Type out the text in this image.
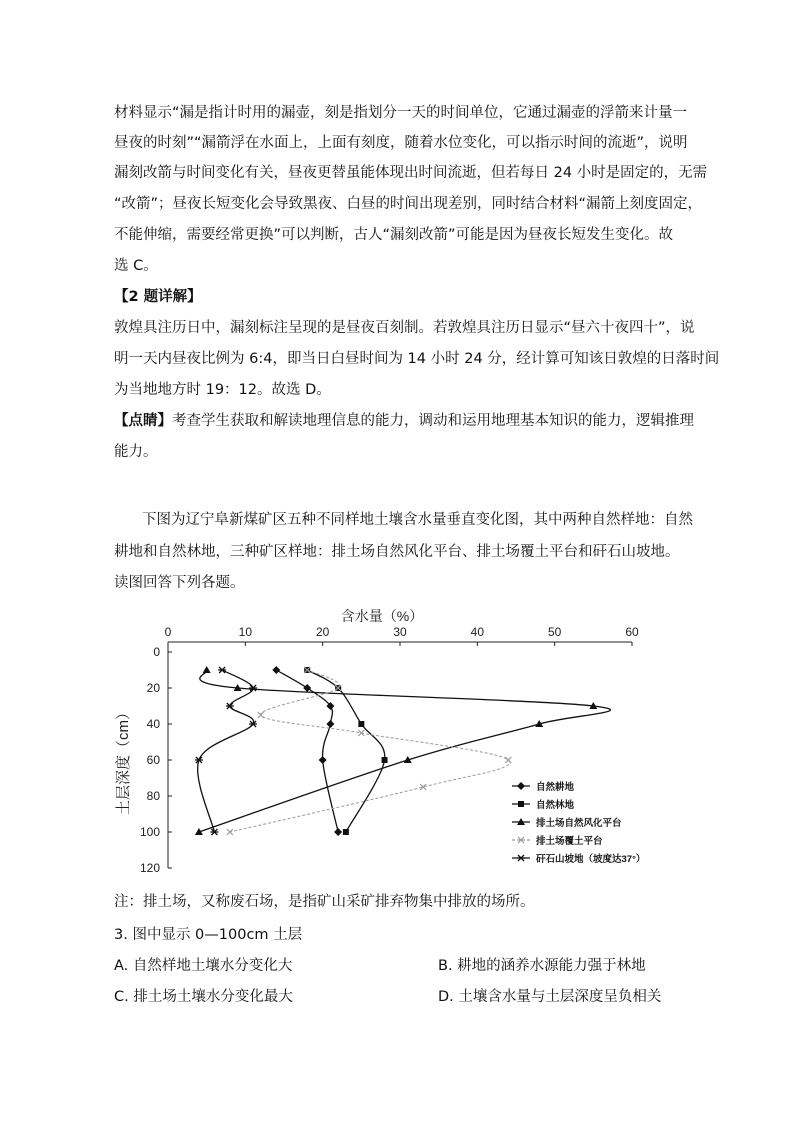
材料显示“漏是指计时用的漏壶，刻是指划分一天的时间单位，它通过漏壶的浮箭来计量一
昼夜的时刻”“漏箭浮在水面上，上面有刻度，随着水位变化，可以指示时间的流逝”，说明
漏刻改箭与时间变化有关，昼夜更替虽能体现出时间流逝，但若每日 24 小时是固定的，无需
“改箭”；昼夜长短变化会导致黑夜、白昼的时间出现差别，同时结合材料“漏箭上刻度固定，
不能伸缩，需要经常更换”可以判断，古人“漏刻改箭”可能是因为昼夜长短发生变化。故
选 C。
【2 题详解】
敦煌具注历日中，漏刻标注呈现的是昼夜百刻制。若敦煌具注历日显示“昼六十夜四十”，说
明一天内昼夜比例为 6:4，即当日白昼时间为 14 小时 24 分，经计算可知该日敦煌的日落时间
为当地地方时 19：12。故选 D。
【点睛】考查学生获取和解读地理信息的能力，调动和运用地理基本知识的能力，逻辑推理
能力。
下图为辽宁阜新煤矿区五种不同样地土壤含水量垂直变化图，其中两种自然样地：自然
耕地和自然林地，三种矿区样地：排土场自然风化平台、排土场覆土平台和矸石山坡地。
读图回答下列各题。
含水量（%）
土层深度（cm）
0	10	20	30	40	50	60
0
20
40
60
80
100
120
自然耕地
自然林地
排土场自然风化平台
排土场覆土平台
矸石山坡地（坡度达37°）
注：排土场，又称废石场，是指矿山采矿排弃物集中排放的场所。
3. 图中显示 0—100cm 土层
A. 自然样地土壤水分变化大	B. 耕地的涵养水源能力强于林地
C. 排土场土壤水分变化最大	D. 土壤含水量与土层深度呈负相关
